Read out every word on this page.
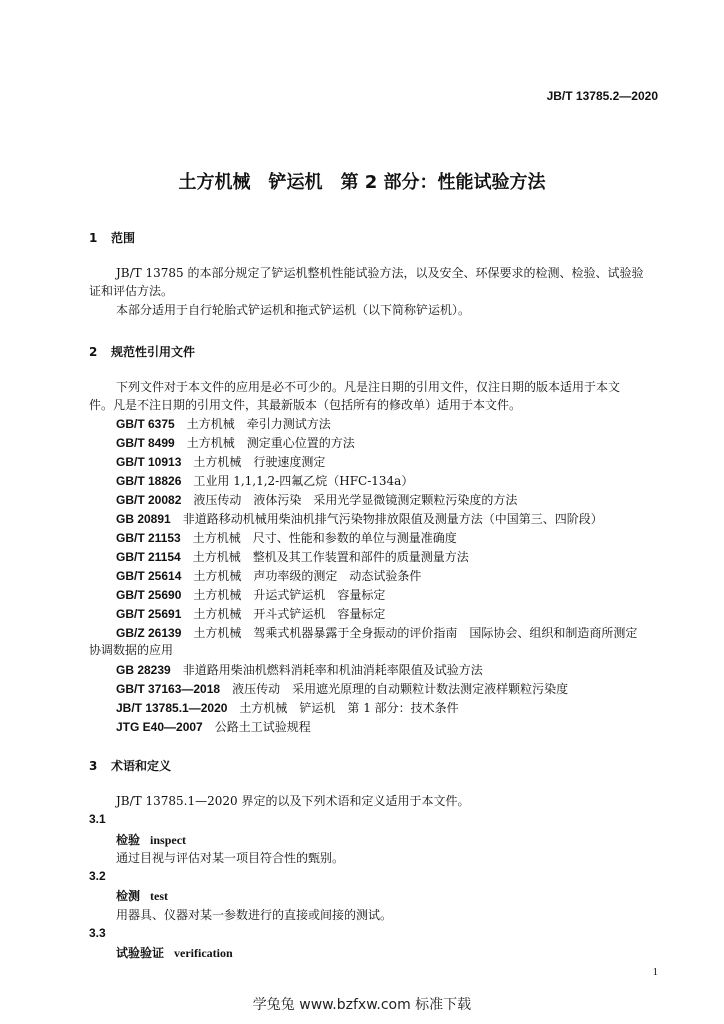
JB/T 13785.2—2020
土方机械　铲运机　第 2 部分：性能试验方法
1 范围
JB/T 13785 的本部分规定了铲运机整机性能试验方法，以及安全、环保要求的检测、检验、试验验
证和评估方法。
本部分适用于自行轮胎式铲运机和拖式铲运机（以下简称铲运机）。
2 规范性引用文件
下列文件对于本文件的应用是必不可少的。凡是注日期的引用文件，仅注日期的版本适用于本文
件。凡是不注日期的引用文件，其最新版本（包括所有的修改单）适用于本文件。
GB/T 6375 土方机械　牵引力测试方法
GB/T 8499 土方机械　测定重心位置的方法
GB/T 10913 土方机械　行驶速度测定
GB/T 18826 工业用 1,1,1,2-四氟乙烷（HFC-134a）
GB/T 20082 液压传动　液体污染　采用光学显微镜测定颗粒污染度的方法
GB 20891 非道路移动机械用柴油机排气污染物排放限值及测量方法（中国第三、四阶段）
GB/T 21153 土方机械　尺寸、性能和参数的单位与测量准确度
GB/T 21154 土方机械　整机及其工作装置和部件的质量测量方法
GB/T 25614 土方机械　声功率级的测定　动态试验条件
GB/T 25690 土方机械　升运式铲运机　容量标定
GB/T 25691 土方机械　开斗式铲运机　容量标定
GB/Z 26139 土方机械　驾乘式机器暴露于全身振动的评价指南　国际协会、组织和制造商所测定
协调数据的应用
GB 28239 非道路用柴油机燃料消耗率和机油消耗率限值及试验方法
GB/T 37163—2018 液压传动　采用遮光原理的自动颗粒计数法测定液样颗粒污染度
JB/T 13785.1—2020 土方机械　铲运机　第 1 部分：技术条件
JTG E40—2007 公路土工试验规程
3 术语和定义
JB/T 13785.1—2020 界定的以及下列术语和定义适用于本文件。
3.1
检验 inspect
通过目视与评估对某一项目符合性的甄别。
3.2
检测 test
用器具、仪器对某一参数进行的直接或间接的测试。
3.3
试验验证 verification
1
学兔兔 www.bzfxw.com 标准下载
